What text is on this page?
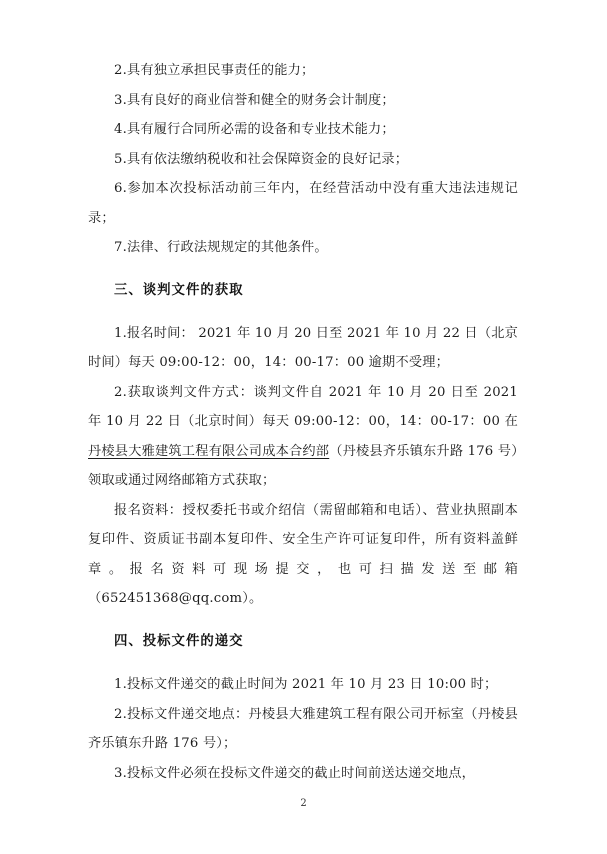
2.具有独立承担民事责任的能力；

3.具有良好的商业信誉和健全的财务会计制度；

4.具有履行合同所必需的设备和专业技术能力；

5.具有依法缴纳税收和社会保障资金的良好记录；

6.参加本次投标活动前三年内，在经营活动中没有重大违法违规记录；

7.法律、行政法规规定的其他条件。

三、谈判文件的获取

1.报名时间： 2021 年 10 月 20 日至 2021 年 10 月 22 日（北京时间）每天 09:00-12：00，14：00-17：00 逾期不受理；

2.获取谈判文件方式：谈判文件自 2021 年 10 月 20 日至 2021 年 10 月 22 日（北京时间）每天 09:00-12：00，14：00-17：00 在丹棱县大雅建筑工程有限公司成本合约部（丹棱县齐乐镇东升路 176 号）领取或通过网络邮箱方式获取；

报名资料：授权委托书或介绍信（需留邮箱和电话）、营业执照副本复印件、资质证书副本复印件、安全生产许可证复印件，所有资料盖鲜章。报名资料可现场提交，也可扫描发送至邮箱（652451368@qq.com）。

四、投标文件的递交

1.投标文件递交的截止时间为 2021 年 10 月 23 日 10:00 时；

2.投标文件递交地点：丹棱县大雅建筑工程有限公司开标室（丹棱县齐乐镇东升路 176 号）；

3.投标文件必须在投标文件递交的截止时间前送达递交地点，

2
